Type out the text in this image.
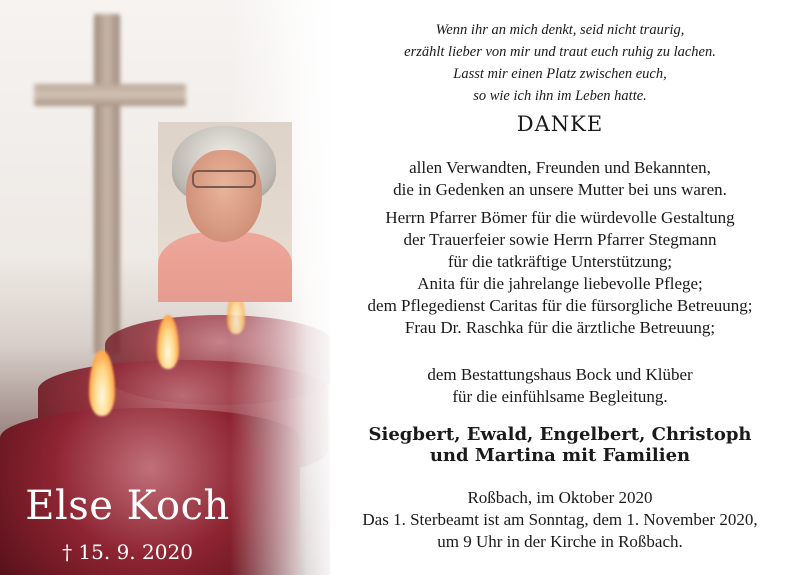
Else Koch
† 15. 9. 2020
Wenn ihr an mich denkt, seid nicht traurig,
erzählt lieber von mir und traut euch ruhig zu lachen.
Lasst mir einen Platz zwischen euch,
so wie ich ihn im Leben hatte.
DANKE
allen Verwandten, Freunden und Bekannten,
die in Gedenken an unsere Mutter bei uns waren.
Herrn Pfarrer Bömer für die würdevolle Gestaltung
der Trauerfeier sowie Herrn Pfarrer Stegmann
für die tatkräftige Unterstützung;
Anita für die jahrelange liebevolle Pflege;
dem Pflegedienst Caritas für die fürsorgliche Betreuung;
Frau Dr. Raschka für die ärztliche Betreuung;
dem Bestattungshaus Bock und Klüber
für die einfühlsame Begleitung.
Siegbert, Ewald, Engelbert, Christoph
und Martina mit Familien
Roßbach, im Oktober 2020
Das 1. Sterbeamt ist am Sonntag, dem 1. November 2020,
um 9 Uhr in der Kirche in Roßbach.
